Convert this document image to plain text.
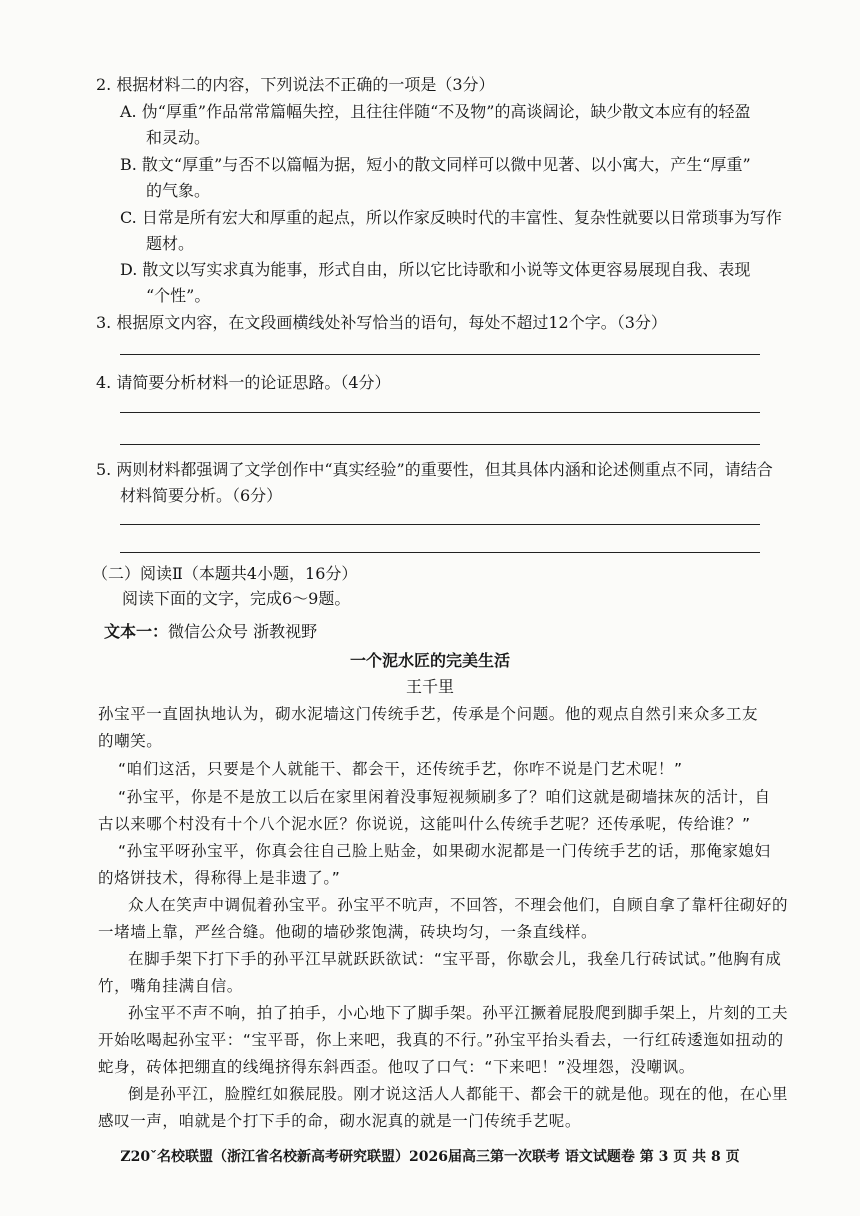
2. 根据材料二的内容，下列说法不正确的一项是（3分）
A. 伪“厚重”作品常常篇幅失控，且往往伴随“不及物”的高谈阔论，缺少散文本应有的轻盈
和灵动。
B. 散文“厚重”与否不以篇幅为据，短小的散文同样可以微中见著、以小寓大，产生“厚重”
的气象。
C. 日常是所有宏大和厚重的起点，所以作家反映时代的丰富性、复杂性就要以日常琐事为写作
题材。
D. 散文以写实求真为能事，形式自由，所以它比诗歌和小说等文体更容易展现自我、表现
“个性”。
3. 根据原文内容，在文段画横线处补写恰当的语句，每处不超过12个字。（3分）
4. 请简要分析材料一的论证思路。（4分）
5. 两则材料都强调了文学创作中“真实经验”的重要性，但其具体内涵和论述侧重点不同，请结合
材料简要分析。（6分）
（二）阅读Ⅱ（本题共4小题，16分）
阅读下面的文字，完成6～9题。
文本一：微信公众号 浙教视野
一个泥水匠的完美生活
王千里
孙宝平一直固执地认为，砌水泥墙这门传统手艺，传承是个问题。他的观点自然引来众多工友
的嘲笑。
“咱们这活，只要是个人就能干、都会干，还传统手艺，你咋不说是门艺术呢！”
“孙宝平，你是不是放工以后在家里闲着没事短视频刷多了？咱们这就是砌墙抹灰的活计，自
古以来哪个村没有十个八个泥水匠？你说说，这能叫什么传统手艺呢？还传承呢，传给谁？”
“孙宝平呀孙宝平，你真会往自己脸上贴金，如果砌水泥都是一门传统手艺的话，那俺家媳妇
的烙饼技术，得称得上是非遗了。”
众人在笑声中调侃着孙宝平。孙宝平不吭声，不回答，不理会他们，自顾自拿了靠杆往砌好的
一堵墙上靠，严丝合缝。他砌的墙砂浆饱满，砖块均匀，一条直线样。
在脚手架下打下手的孙平江早就跃跃欲试：“宝平哥，你歇会儿，我垒几行砖试试。”他胸有成
竹，嘴角挂满自信。
孙宝平不声不响，拍了拍手，小心地下了脚手架。孙平江撅着屁股爬到脚手架上，片刻的工夫
开始吆喝起孙宝平：“宝平哥，你上来吧，我真的不行。”孙宝平抬头看去，一行红砖逶迤如扭动的
蛇身，砖体把绷直的线绳挤得东斜西歪。他叹了口气：“下来吧！”没埋怨，没嘲讽。
倒是孙平江，脸膛红如猴屁股。刚才说这活人人都能干、都会干的就是他。现在的他，在心里
感叹一声，咱就是个打下手的命，砌水泥真的就是一门传统手艺呢。
Z20ˇ名校联盟（浙江省名校新高考研究联盟）2026届高三第一次联考 语文试题卷 第 3 页 共 8 页
